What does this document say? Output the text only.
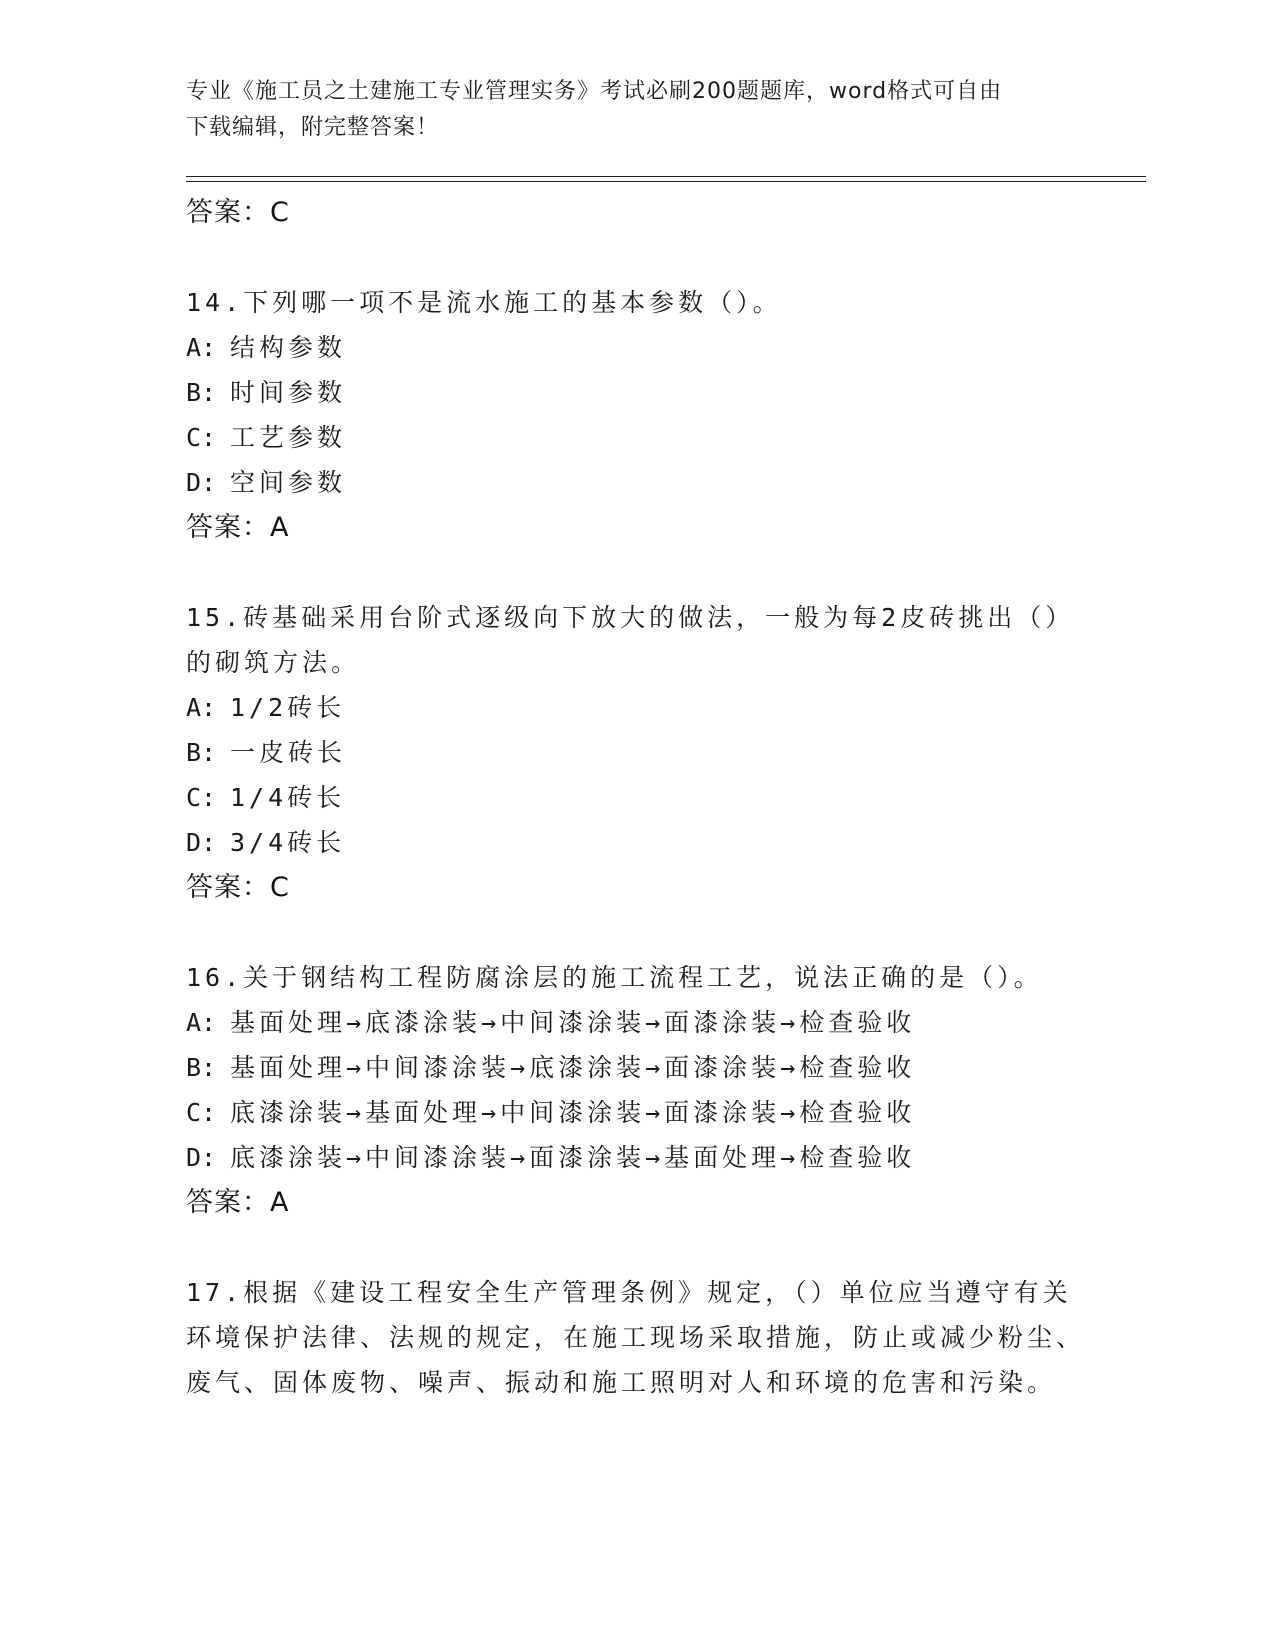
专业《施工员之土建施工专业管理实务》考试必刷200题题库，word格式可自由
下载编辑，附完整答案！
答案：C
14.下列哪一项不是流水施工的基本参数（）。
A: 结构参数
B: 时间参数
C: 工艺参数
D: 空间参数
答案：A
15.砖基础采用台阶式逐级向下放大的做法，一般为每2皮砖挑出（）的砌筑方法。
A: 1/2砖长
B: 一皮砖长
C: 1/4砖长
D: 3/4砖长
答案：C
16.关于钢结构工程防腐涂层的施工流程工艺，说法正确的是（）。
A: 基面处理→底漆涂装→中间漆涂装→面漆涂装→检查验收
B: 基面处理→中间漆涂装→底漆涂装→面漆涂装→检查验收
C: 底漆涂装→基面处理→中间漆涂装→面漆涂装→检查验收
D: 底漆涂装→中间漆涂装→面漆涂装→基面处理→检查验收
答案：A
17.根据《建设工程安全生产管理条例》规定，（）单位应当遵守有关环境保护法律、法规的规定，在施工现场采取措施，防止或减少粉尘、废气、固体废物、噪声、振动和施工照明对人和环境的危害和污染。
